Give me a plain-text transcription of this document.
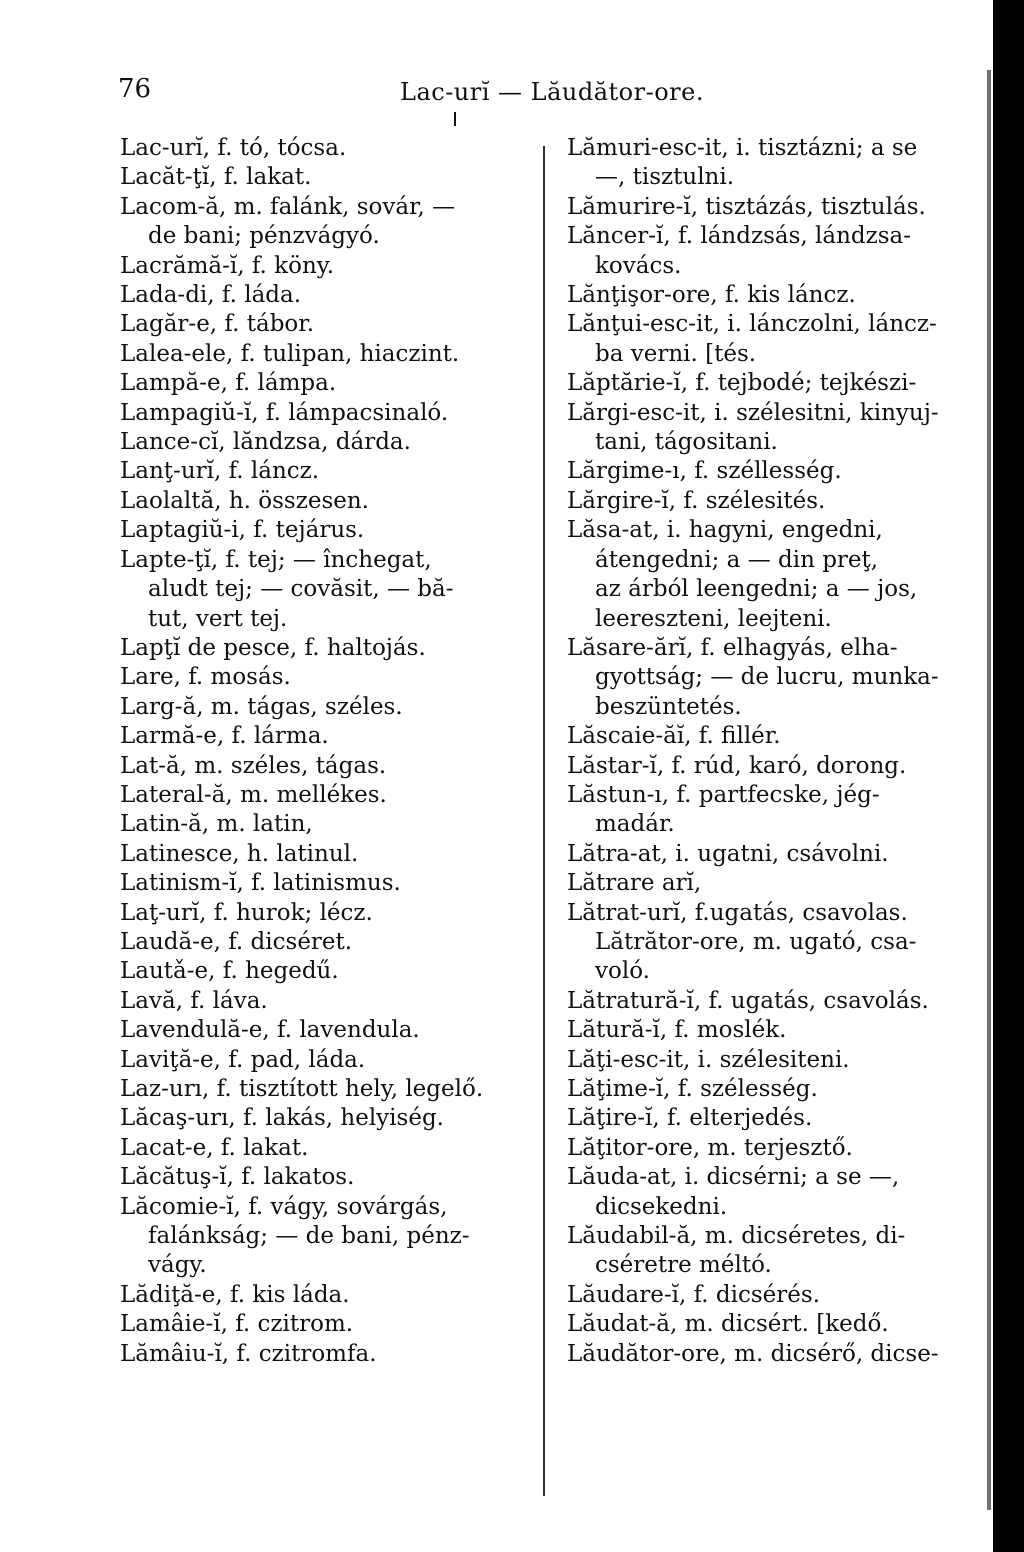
76	Lac-urĭ — Lăudător-ore.
Lac-urĭ, f. tó, tócsa.
Lacăt-ţĭ, f. lakat.
Lacom-ă, m. falánk, sovár, —
de bani; pénzvágyó.
Lacrămă-ĭ, f. köny.
Lada-di, f. láda.
Lagăr-e, f. tábor.
Lalea-ele, f. tulipan, hiaczint.
Lampă-e, f. lámpa.
Lampagiŭ-ĭ, f. lámpacsinaló.
Lance-cĭ, lăndzsa, dárda.
Lanţ-urĭ, f. láncz.
Laolaltă, h. összesen.
Laptagiŭ-i, f. tejárus.
Lapte-ţĭ, f. tej; — închegat,
aludt tej; — covăsit, — bă-
tut, vert tej.
Lapţĭ de pesce, f. haltojás.
Lare, f. mosás.
Larg-ă, m. tágas, széles.
Larmă-e, f. lárma.
Lat-ă, m. széles, tágas.
Lateral-ă, m. mellékes.
Latin-ă, m. latin,
Latinesce, h. latinul.
Latinism-ĭ, f. latinismus.
Laţ-urĭ, f. hurok; lécz.
Laudă-e, f. dicséret.
Lautǎ-e, f. hegedű.
Lavă, f. láva.
Lavendulă-e, f. lavendula.
Laviţă-e, f. pad, láda.
Laz-urı, f. tisztított hely, legelő.
Lăcaş-urı, f. lakás, helyiség.
Lacat-e, f. lakat.
Lăcătuş-ĭ, f. lakatos.
Lăcomie-ĭ, f. vágy, sovárgás,
falánkság; — de bani, pénz-
vágy.
Lădiţă-e, f. kis láda.
Lamâie-ĭ, f. czitrom.
Lămâiu-ĭ, f. czitromfa.
Lămuri-esc-it, i. tisztázni; a se
—, tisztulni.
Lămurire-ĭ, tisztázás, tisztulás.
Lăncer-ĭ, f. lándzsás, lándzsa-
kovács.
Lănţişor-ore, f. kis láncz.
Lănţui-esc-it, i. lánczolni, láncz-
ba verni. [tés.
Lăptărie-ĭ, f. tejbodé; tejkészi-
Lărgi-esc-it, i. szélesitni, kinyuj-
tani, tágositani.
Lărgime-ı, f. széllesség.
Lărgire-ĭ, f. szélesités.
Lăsa-at, i. hagyni, engedni,
átengedni; a — din preţ,
az árból leengedni; a — jos,
leereszteni, leejteni.
Lăsare-ărĭ, f. elhagyás, elha-
gyottság; — de lucru, munka-
beszüntetés.
Lăscaie-ăĭ, f. fillér.
Lăstar-ĭ, f. rúd, karó, dorong.
Lăstun-ı, f. partfecske, jég-
madár.
Lătra-at, i. ugatni, csávolni.
Lătrare arĭ,
Lătrat-urĭ, f.ugatás, csavolas.
Lătrător-ore, m. ugató, csa-
voló.
Lătratură-ĭ, f. ugatás, csavolás.
Lătură-ĭ, f. moslék.
Lăţi-esc-it, i. szélesiteni.
Lăţime-ĭ, f. szélesség.
Lăţire-ĭ, f. elterjedés.
Lăţitor-ore, m. terjesztő.
Lăuda-at, i. dicsérni; a se —,
dicsekedni.
Lăudabil-ă, m. dicséretes, di-
cséretre méltó.
Lăudare-ĭ, f. dicsérés.
Lăudat-ă, m. dicsért. [kedő.
Lăudător-ore, m. dicsérő, dicse-
